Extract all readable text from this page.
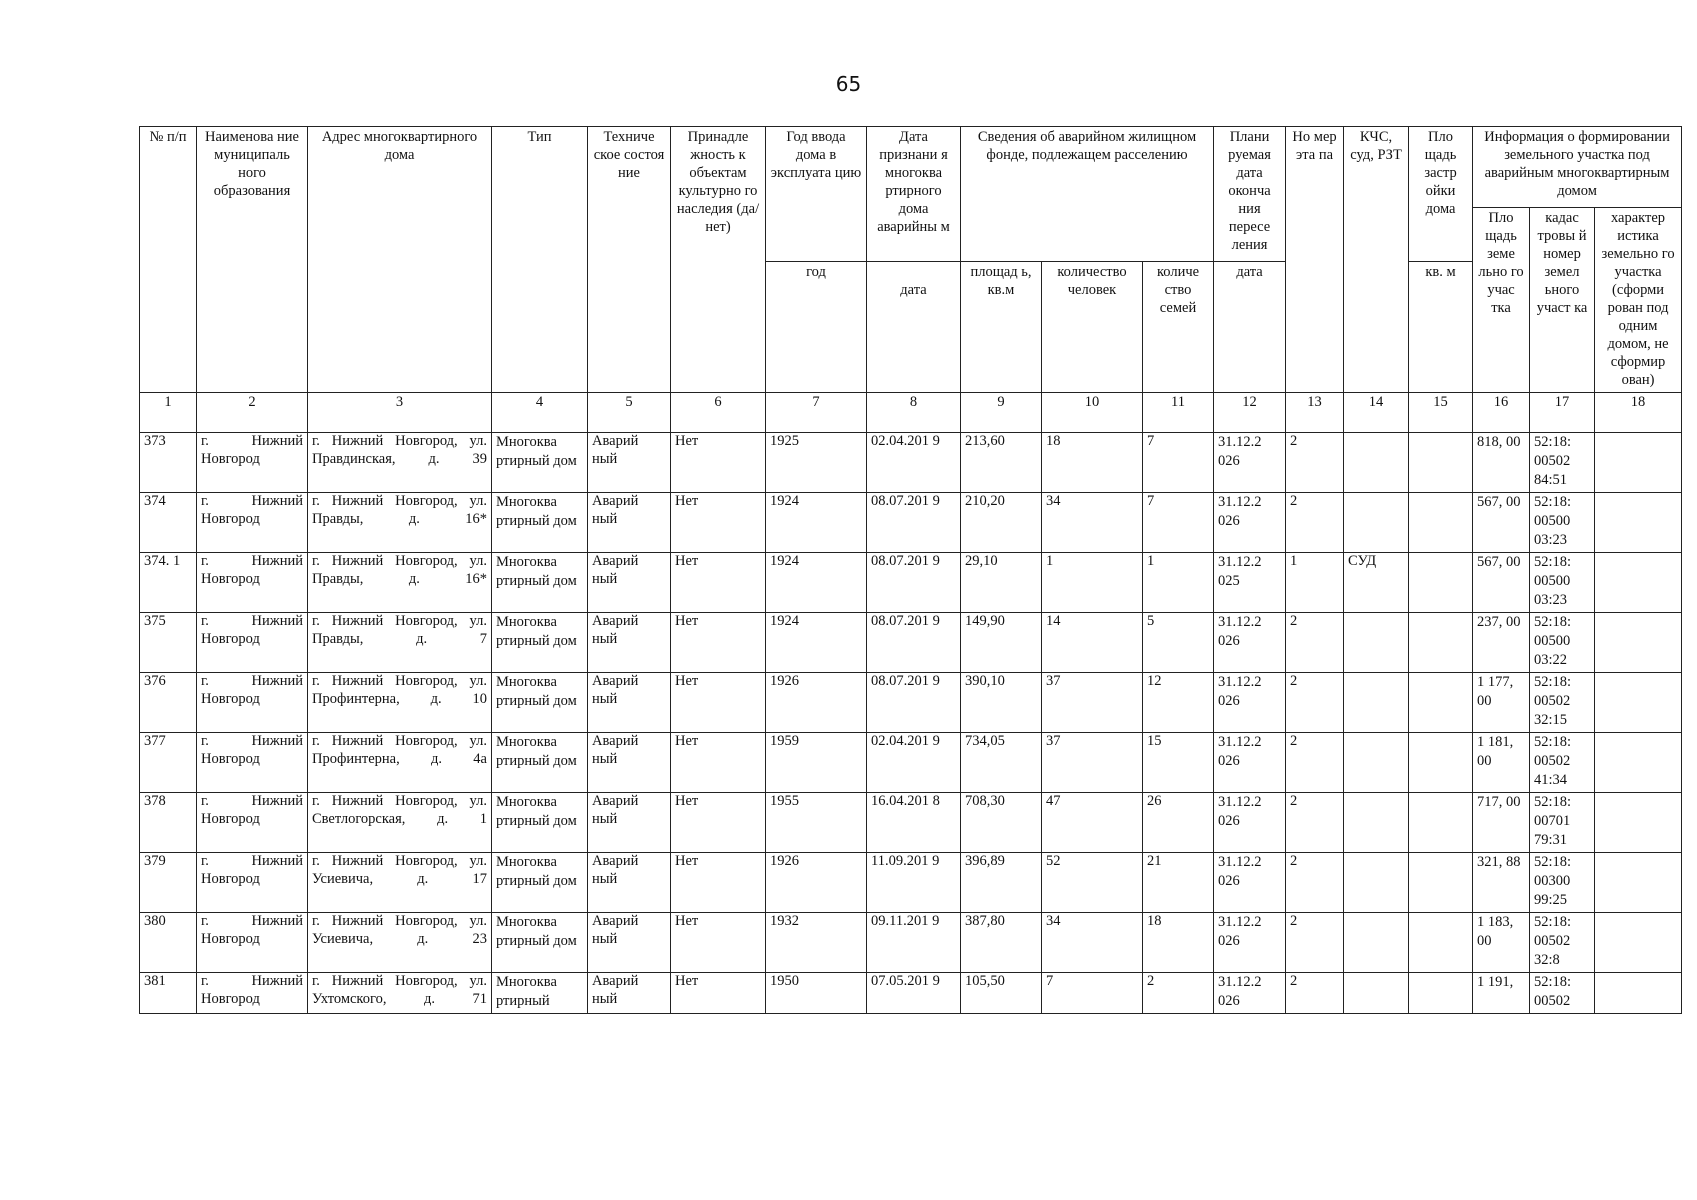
65
№ п/п	Наименова ние муниципаль ного образования	Адрес многоквартирного дома	Тип	Техниче ское состоя ние	Принадле жность к объектам культурно го наследия (да/нет)	Год ввода дома в эксплуата цию	Дата признани я многоква ртирного дома аварийны м	Сведения об аварийном жилищном фонде, подлежащем расселению			Плани руемая дата оконча ния пересе ления	Но мер эта па	КЧС, суд, РЗТ	Пло щадь застр ойки дома	Информация о формировании земельного участка под аварийным многоквартирным домом		
															Пло щадь земе льно го учас тка	кадас тровы й номер земел ьного участ ка	характер истика земельно го участка (сформи рован под одним домом, не сформир ован)
						год	дата	площад ь, кв.м	количество человек	количе ство семей	дата			кв. м			
1	2	3	4	5	6	7	8	9	10	11	12	13	14	15	16	17	18
373	г. Нижний Новгород	г. Нижний Новгород, ул. Правдинская, д. 39	Многоква ртирный дом	Аварий ный	Нет	1925	02.04.201 9	213,60	18	7	31.12.2 026	2			818, 00	52:18: 00502 84:51	
374	г. Нижний Новгород	г. Нижний Новгород, ул. Правды, д. 16*	Многоква ртирный дом	Аварий ный	Нет	1924	08.07.201 9	210,20	34	7	31.12.2 026	2			567, 00	52:18: 00500 03:23	
374. 1	г. Нижний Новгород	г. Нижний Новгород, ул. Правды, д. 16*	Многоква ртирный дом	Аварий ный	Нет	1924	08.07.201 9	29,10	1	1	31.12.2 025	1	СУД		567, 00	52:18: 00500 03:23	
375	г. Нижний Новгород	г. Нижний Новгород, ул. Правды, д. 7	Многоква ртирный дом	Аварий ный	Нет	1924	08.07.201 9	149,90	14	5	31.12.2 026	2			237, 00	52:18: 00500 03:22	
376	г. Нижний Новгород	г. Нижний Новгород, ул. Профинтерна, д. 10	Многоква ртирный дом	Аварий ный	Нет	1926	08.07.201 9	390,10	37	12	31.12.2 026	2			1 177, 00	52:18: 00502 32:15	
377	г. Нижний Новгород	г. Нижний Новгород, ул. Профинтерна, д. 4а	Многоква ртирный дом	Аварий ный	Нет	1959	02.04.201 9	734,05	37	15	31.12.2 026	2			1 181, 00	52:18: 00502 41:34	
378	г. Нижний Новгород	г. Нижний Новгород, ул. Светлогорская, д. 1	Многоква ртирный дом	Аварий ный	Нет	1955	16.04.201 8	708,30	47	26	31.12.2 026	2			717, 00	52:18: 00701 79:31	
379	г. Нижний Новгород	г. Нижний Новгород, ул. Усиевича, д. 17	Многоква ртирный дом	Аварий ный	Нет	1926	11.09.201 9	396,89	52	21	31.12.2 026	2			321, 88	52:18: 00300 99:25	
380	г. Нижний Новгород	г. Нижний Новгород, ул. Усиевича, д. 23	Многоква ртирный дом	Аварий ный	Нет	1932	09.11.201 9	387,80	34	18	31.12.2 026	2			1 183, 00	52:18: 00502 32:8	
381	г. Нижний Новгород	г. Нижний Новгород, ул. Ухтомского, д. 71	Многоква ртирный	Аварий ный	Нет	1950	07.05.201 9	105,50	7	2	31.12.2 026	2			1 191,	52:18: 00502	
